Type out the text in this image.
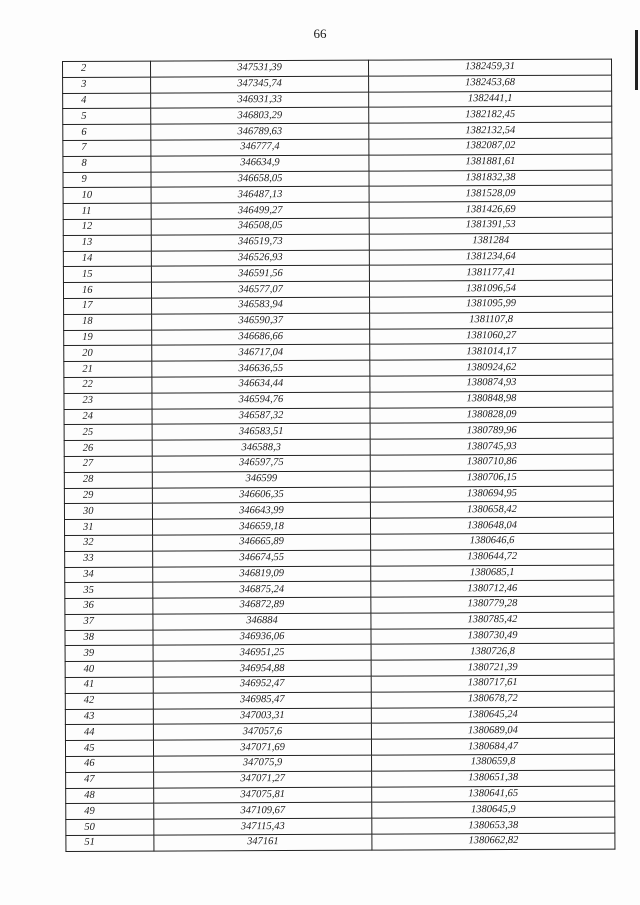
66
2	347531,39	1382459,31
3	347345,74	1382453,68
4	346931,33	1382441,1
5	346803,29	1382182,45
6	346789,63	1382132,54
7	346777,4	1382087,02
8	346634,9	1381881,61
9	346658,05	1381832,38
10	346487,13	1381528,09
11	346499,27	1381426,69
12	346508,05	1381391,53
13	346519,73	1381284
14	346526,93	1381234,64
15	346591,56	1381177,41
16	346577,07	1381096,54
17	346583,94	1381095,99
18	346590,37	1381107,8
19	346686,66	1381060,27
20	346717,04	1381014,17
21	346636,55	1380924,62
22	346634,44	1380874,93
23	346594,76	1380848,98
24	346587,32	1380828,09
25	346583,51	1380789,96
26	346588,3	1380745,93
27	346597,75	1380710,86
28	346599	1380706,15
29	346606,35	1380694,95
30	346643,99	1380658,42
31	346659,18	1380648,04
32	346665,89	1380646,6
33	346674,55	1380644,72
34	346819,09	1380685,1
35	346875,24	1380712,46
36	346872,89	1380779,28
37	346884	1380785,42
38	346936,06	1380730,49
39	346951,25	1380726,8
40	346954,88	1380721,39
41	346952,47	1380717,61
42	346985,47	1380678,72
43	347003,31	1380645,24
44	347057,6	1380689,04
45	347071,69	1380684,47
46	347075,9	1380659,8
47	347071,27	1380651,38
48	347075,81	1380641,65
49	347109,67	1380645,9
50	347115,43	1380653,38
51	347161	1380662,82
